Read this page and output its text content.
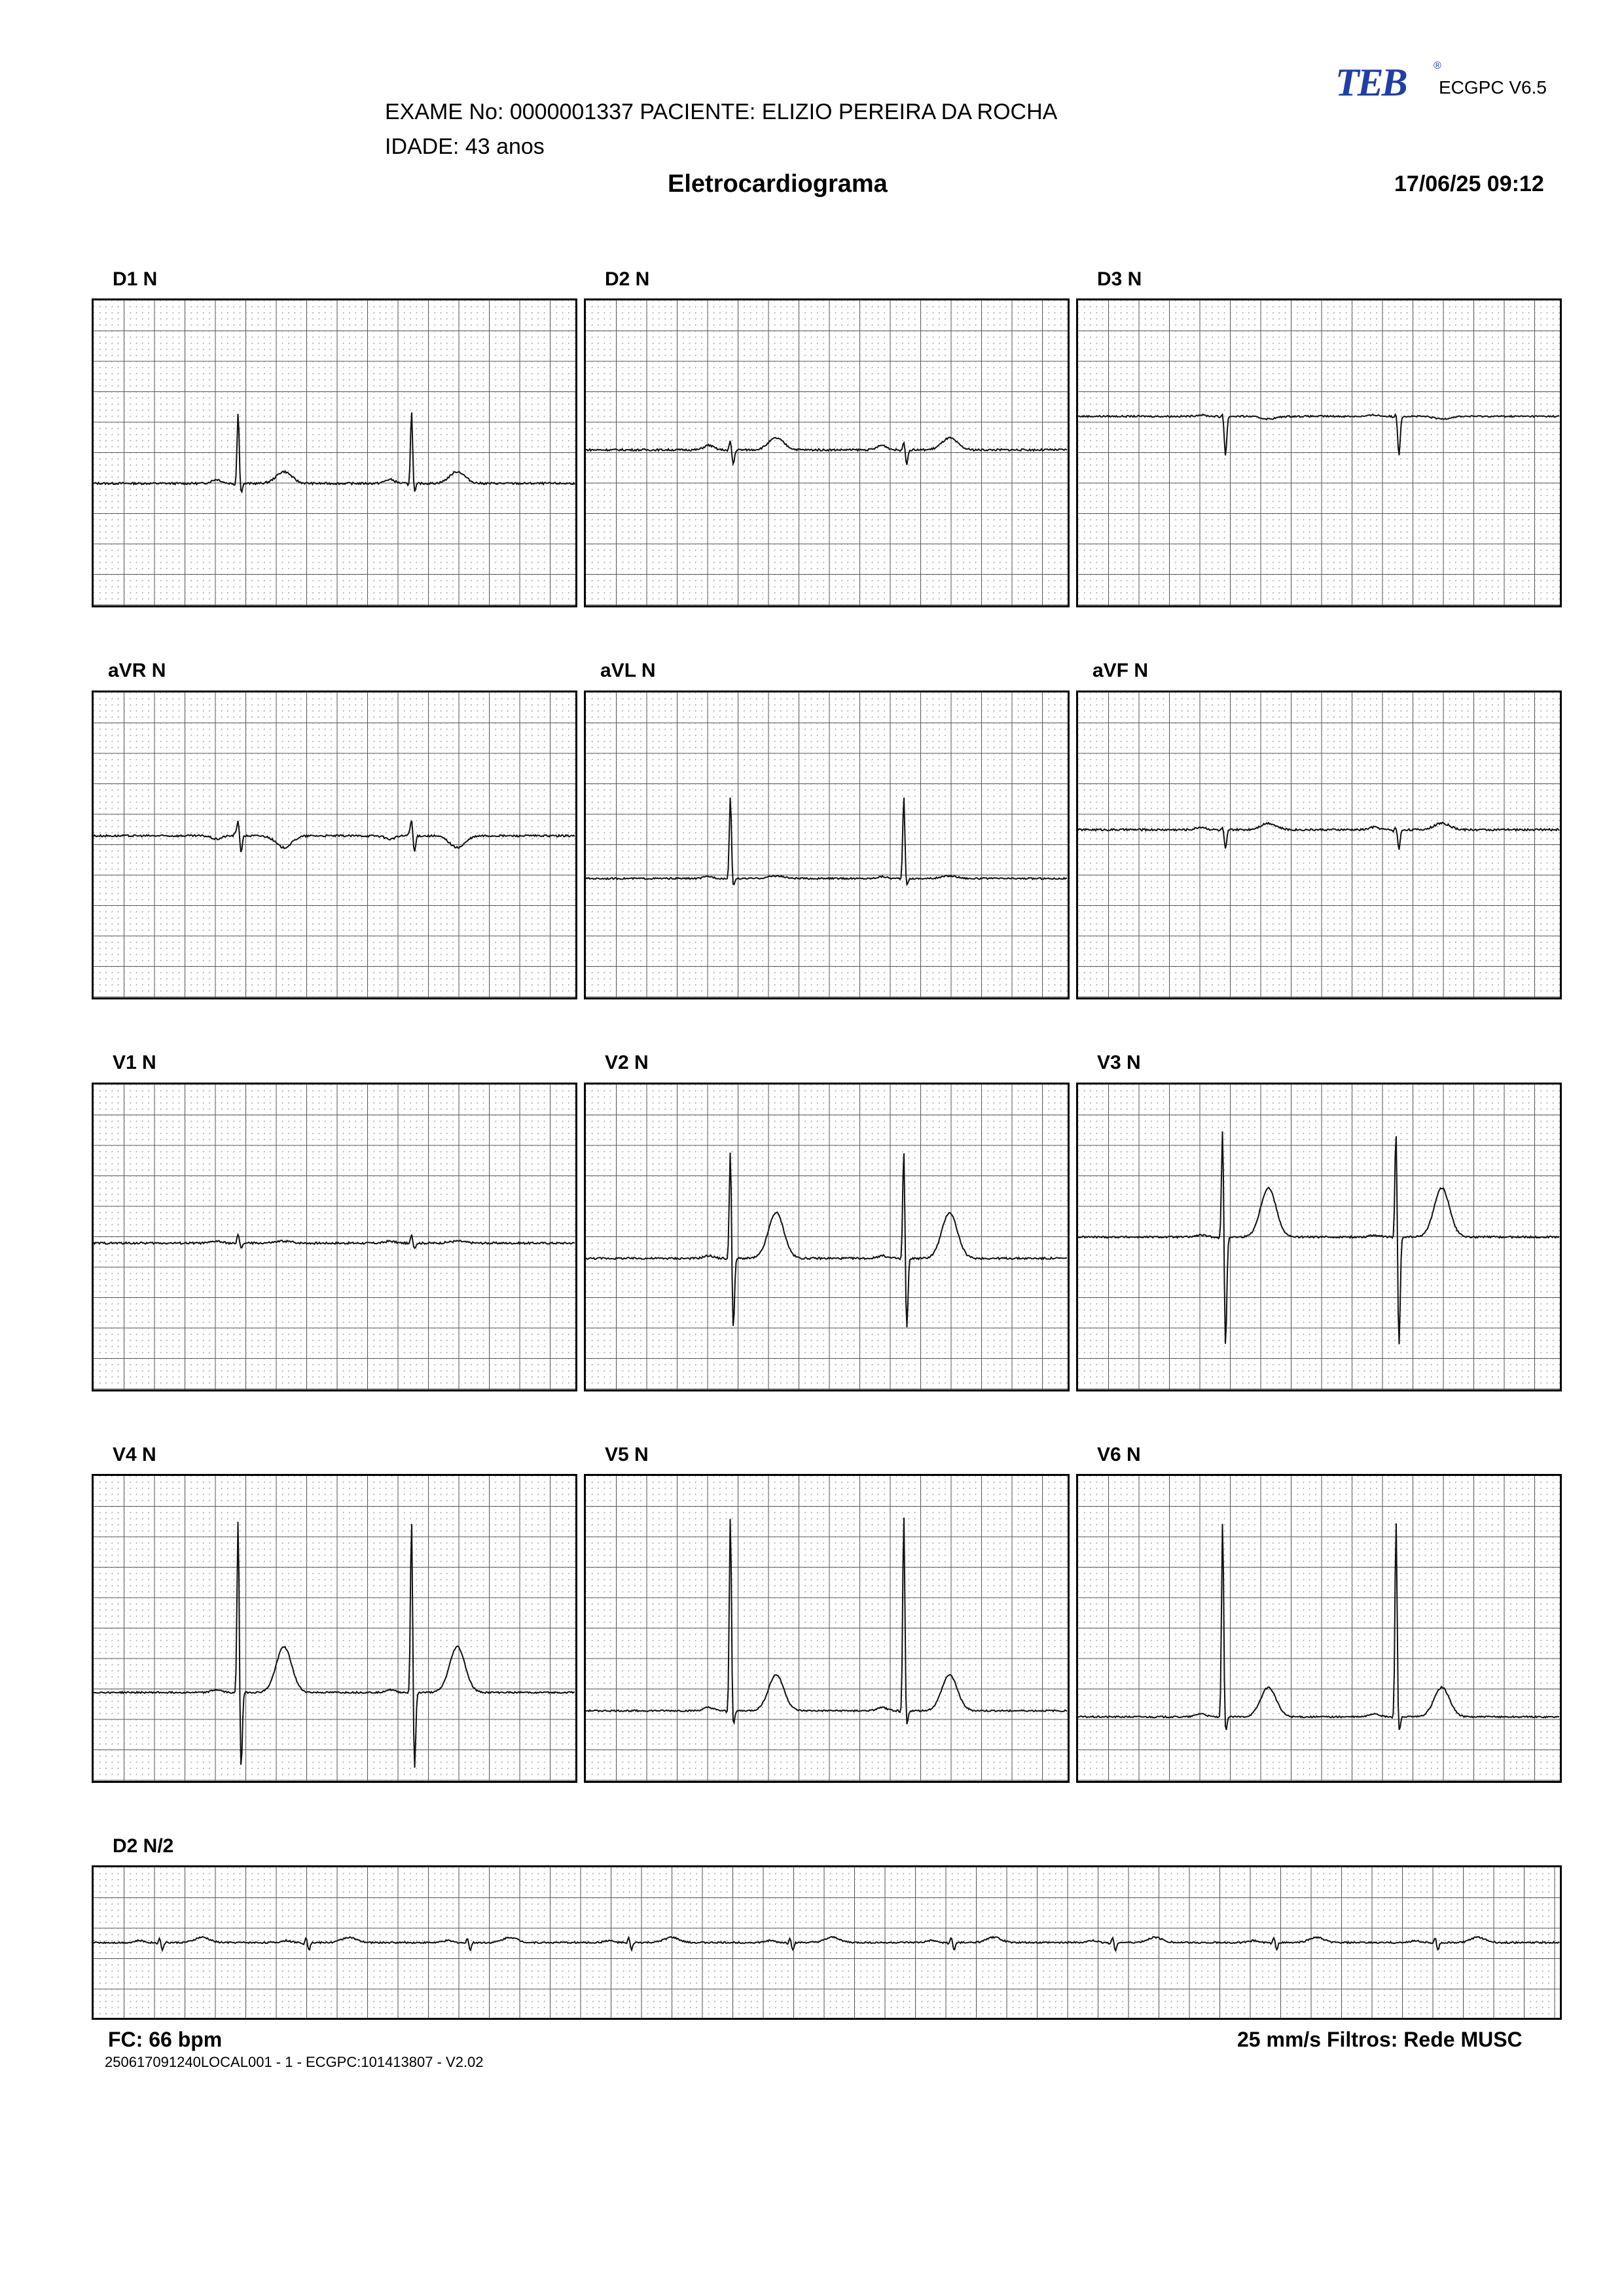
TEB	®
ECGPC V6.5
EXAME No: 0000001337 PACIENTE: ELIZIO PEREIRA DA ROCHA
IDADE: 43 anos
Eletrocardiograma	17/06/25 09:12
D1 N	D2 N	D3 N
aVR N	aVL N	aVF N
V1 N	V2 N	V3 N
V4 N	V5 N	V6 N
D2 N/2
FC: 66 bpm
250617091240LOCAL001 - 1 - ECGPC:101413807 - V2.02
25 mm/s Filtros: Rede MUSC
